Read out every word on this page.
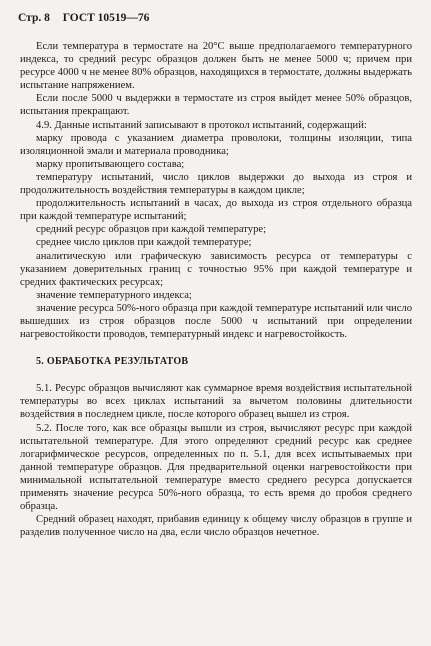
Стр. 8 ГОСТ 10519—76

Если температура в термостате на 20°С выше предполагаемого температурного индекса, то средний ресурс образцов должен быть не менее 5000 ч; причем при ресурсе 4000 ч не менее 80% образцов, находящихся в термостате, должны выдержать испытание напряжением.

Если после 5000 ч выдержки в термостате из строя выйдет менее 50% образцов, испытания прекращают.

4.9. Данные испытаний записывают в протокол испытаний, содержащий:

марку провода с указанием диаметра проволоки, толщины изоляции, типа изоляционной эмали и материала проводника;

марку пропитывающего состава;

температуру испытаний, число циклов выдержки до выхода из строя и продолжительность воздействия температуры в каждом цикле;

продолжительность испытаний в часах, до выхода из строя отдельного образца при каждой температуре испытаний;

средний ресурс образцов при каждой температуре;

среднее число циклов при каждой температуре;

аналитическую или графическую зависимость ресурса от температуры с указанием доверительных границ с точностью 95% при каждой температуре и средних фактических ресурсах;

значение температурного индекса;

значение ресурса 50%-ного образца при каждой температуре испытаний или число вышедших из строя образцов после 5000 ч испытаний при определении нагревостойкости проводов, температурный индекс и нагревостойкость.

5. ОБРАБОТКА РЕЗУЛЬТАТОВ

5.1. Ресурс образцов вычисляют как суммарное время воздействия испытательной температуры во всех циклах испытаний за вычетом половины длительности воздействия в последнем цикле, после которого образец вышел из строя.

5.2. После того, как все образцы вышли из строя, вычисляют ресурс при каждой испытательной температуре. Для этого определяют средний ресурс как среднее логарифмическое ресурсов, определенных по п. 5.1, для всех испытываемых при данной температуре образцов. Для предварительной оценки нагревостойкости при минимальной испытательной температуре вместо среднего ресурса допускается применять значение ресурса 50%-ного образца, то есть время до пробоя среднего образца.

Средний образец находят, прибавив единицу к общему числу образцов в группе и разделив полученное число на два, если число образцов нечетное.
